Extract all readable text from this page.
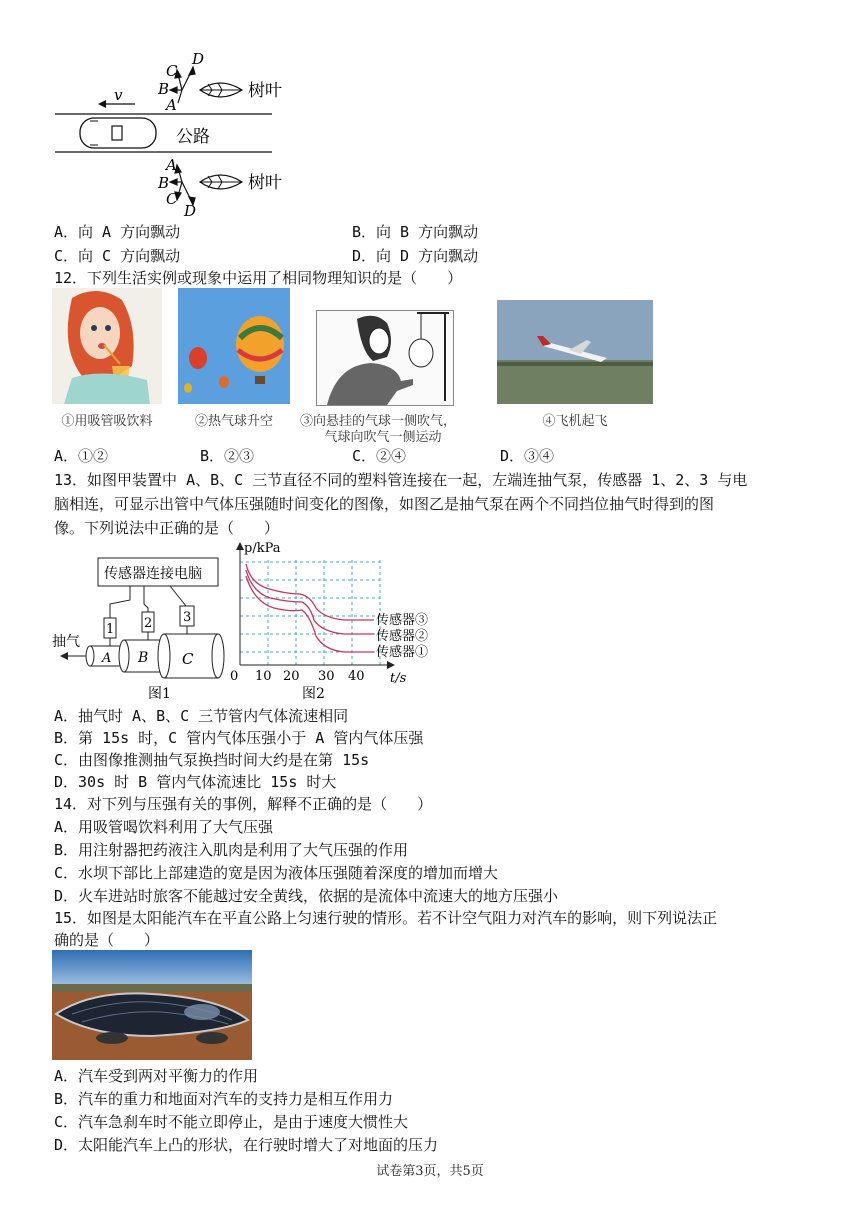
v
公路
D
C
B
A
树叶
A
B
C
D
树叶
A．向 A 方向飘动	B．向 B 方向飘动
C．向 C 方向飘动	D．向 D 方向飘动
12．下列生活实例或现象中运用了相同物理知识的是（　　）
①用吸管吸饮料	②热气球升空	③向悬挂的气球一侧吹气，
气球向吹气一侧运动
④飞机起飞
A．①②	B．②③	C．②④	D．③④
13．如图甲装置中 A、B、C 三节直径不同的塑料管连接在一起，左端连抽气泵，传感器 1、2、3 与电
脑相连，可显示出管中气体压强随时间变化的图像，如图乙是抽气泵在两个不同挡位抽气时得到的图
像。下列说法中正确的是（　　）
传感器连接电脑
1 2 3
A B C
抽气
图1
p/kPa
t/s
0 10 20 30 40
传感器③
传感器②
传感器①
图2
A．抽气时 A、B、C 三节管内气体流速相同
B．第 15s 时，C 管内气体压强小于 A 管内气体压强
C．由图像推测抽气泵换挡时间大约是在第 15s
D．30s 时 B 管内气体流速比 15s 时大
14．对下列与压强有关的事例，解释不正确的是（　　）
A．用吸管喝饮料利用了大气压强
B．用注射器把药液注入肌肉是利用了大气压强的作用
C．水坝下部比上部建造的宽是因为液体压强随着深度的增加而增大
D．火车进站时旅客不能越过安全黄线，依据的是流体中流速大的地方压强小
15．如图是太阳能汽车在平直公路上匀速行驶的情形。若不计空气阻力对汽车的影响，则下列说法正
确的是（　　）
A．汽车受到两对平衡力的作用
B．汽车的重力和地面对汽车的支持力是相互作用力
C．汽车急刹车时不能立即停止，是由于速度大惯性大
D．太阳能汽车上凸的形状，在行驶时增大了对地面的压力
试卷第3页，共5页
